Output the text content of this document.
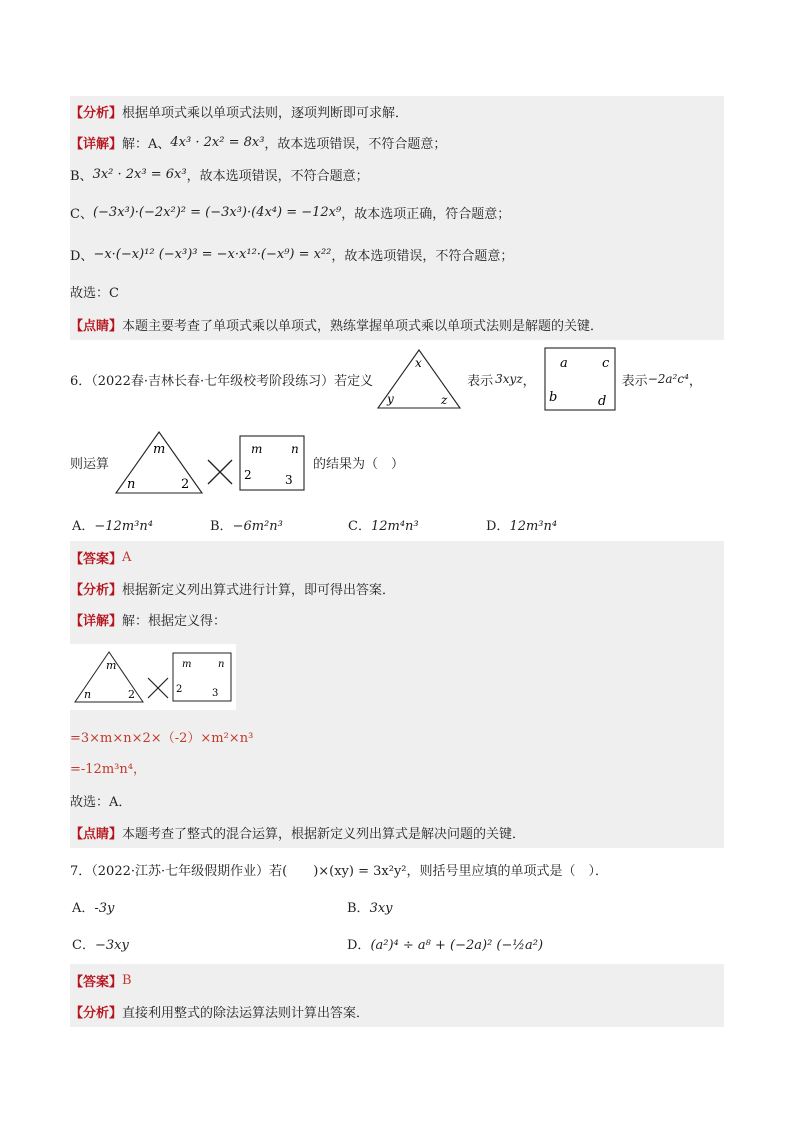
【分析】 根据单项式乘以单项式法则，逐项判断即可求解．
【详解】 解：A、 4x³ · 2x² = 8x³ ，故本选项错误，不符合题意；
B、 3x² · 2x³ = 6x³ ，故本选项错误，不符合题意；
C、 (−3x³)·(−2x²)² = (−3x³)·(4x⁴) = −12x⁹ ，故本选项正确，符合题意；
D、 −x·(−x)¹² (−x³)³ = −x·x¹²·(−x⁹) = x²² ，故本选项错误，不符合题意；
故选：C
【点睛】 本题主要考查了单项式乘以单项式，熟练掌握单项式乘以单项式法则是解题的关键．
6．（2022春·吉林长春·七年级校考阶段练习）若定义
x
y	z
表示 3xyz ，
a	c
b	d
表示 −2a²c⁴ ，
则运算
m
n	2
m n
2	3
的结果为（　）
A．−12m³n⁴	B．−6m²n³	C．12m⁴n³	D．12m³n⁴
【答案】 A
【分析】 根据新定义列出算式进行计算，即可得出答案．
【详解】 解：根据定义得：
m
n	2
m	n
2	3
=3×m×n×2×（-2）×m²×n³
=-12m³n⁴，
故选：A．
【点睛】 本题考查了整式的混合运算，根据新定义列出算式是解决问题的关键．
7．（2022·江苏·七年级假期作业）若(　　)×(xy) = 3x²y² ，则括号里应填的单项式是（　）．
A．-3y	B．3xy
C．−3xy	D．(a²)⁴ ÷ a⁸ + (−2a)² (−½a²)
【答案】 B
【分析】 直接利用整式的除法运算法则计算出答案．
